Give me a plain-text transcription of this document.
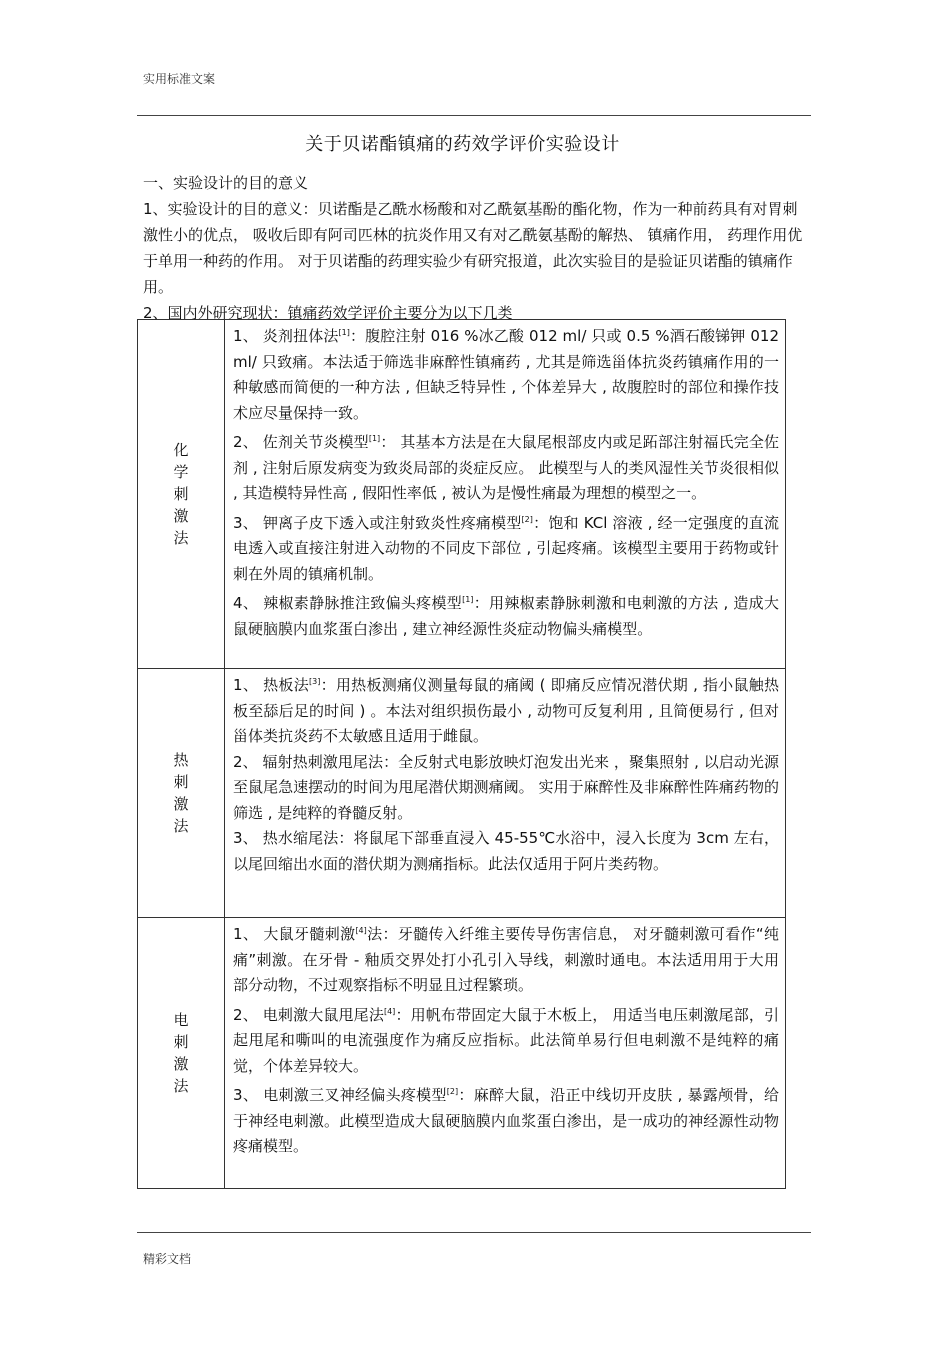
实用标准文案
关于贝诺酯镇痛的药效学评价实验设计

一、实验设计的目的意义

1、实验设计的目的意义：贝诺酯是乙酰水杨酸和对乙酰氨基酚的酯化物，作为一种前药具有对胃刺激性小的优点， 吸收后即有阿司匹林的抗炎作用又有对乙酰氨基酚的解热、 镇痛作用， 药理作用优于单用一种药的作用。 对于贝诺酯的药理实验少有研究报道，此次实验目的是验证贝诺酯的镇痛作用。

2、国内外研究现状：镇痛药效学评价主要分为以下几类

化学刺激法	1、 炎剂扭体法[1]：腹腔注射 016 %冰乙酸 012 ml/ 只或 0.5 %酒石酸锑钾 012 ml/ 只致痛。本法适于筛选非麻醉性镇痛药 , 尤其是筛选甾体抗炎药镇痛作用的一种敏感而简便的一种方法 , 但缺乏特异性 , 个体差异大 , 故腹腔时的部位和操作技术应尽量保持一致。

2、 佐剂关节炎模型[1]： 其基本方法是在大鼠尾根部皮内或足跖部注射福氏完全佐剂 , 注射后原发病变为致炎局部的炎症反应。 此模型与人的类风湿性关节炎很相似 , 其造模特异性高 , 假阳性率低 , 被认为是慢性痛最为理想的模型之一。

3、 钾离子皮下透入或注射致炎性疼痛模型[2]：饱和 KCl 溶液 , 经一定强度的直流电透入或直接注射进入动物的不同皮下部位 , 引起疼痛。该模型主要用于药物或针刺在外周的镇痛机制。

4、 辣椒素静脉推注致偏头疼模型[1]：用辣椒素静脉刺激和电刺激的方法 , 造成大鼠硬脑膜内血浆蛋白渗出 , 建立神经源性炎症动物偏头痛模型。

热刺激法	1、 热板法[3]：用热板测痛仪测量每鼠的痛阈 ( 即痛反应情况潜伏期 , 指小鼠触热板至舔后足的时间 ) 。本法对组织损伤最小 , 动物可反复利用 , 且简便易行 , 但对甾体类抗炎药不太敏感且适用于雌鼠。

2、 辐射热刺激甩尾法：全反射式电影放映灯泡发出光来 ，聚集照射 , 以启动光源至鼠尾急速摆动的时间为甩尾潜伏期测痛阈。 实用于麻醉性及非麻醉性阵痛药物的筛选 , 是纯粹的脊髓反射。

3、 热水缩尾法：将鼠尾下部垂直浸入 45-55℃水浴中，浸入长度为 3cm 左右，以尾回缩出水面的潜伏期为测痛指标。此法仅适用于阿片类药物。

电刺激法	1、 大鼠牙髓刺激[4]法：牙髓传入纤维主要传导伤害信息， 对牙髓刺激可看作“纯痛”刺激。在牙骨 - 釉质交界处打小孔引入导线，刺激时通电。本法适用用于大用部分动物，不过观察指标不明显且过程繁琐。

2、 电刺激大鼠甩尾法[4]：用帆布带固定大鼠于木板上， 用适当电压刺激尾部，引起甩尾和嘶叫的电流强度作为痛反应指标。此法简单易行但电刺激不是纯粹的痛觉，个体差异较大。

3、 电刺激三叉神经偏头疼模型[2]：麻醉大鼠，沿正中线切开皮肤 , 暴露颅骨，给于神经电刺激。此模型造成大鼠硬脑膜内血浆蛋白渗出，是一成功的神经源性动物疼痛模型。

精彩文档
